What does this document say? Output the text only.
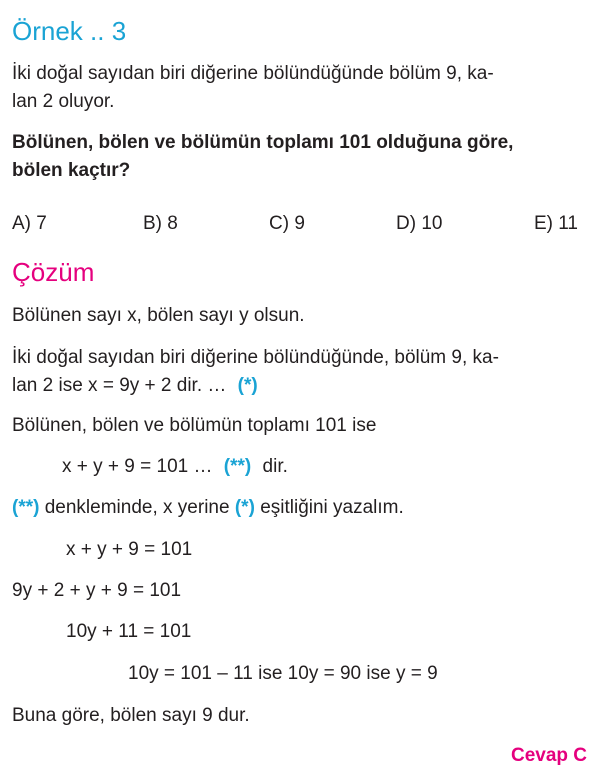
Örnek .. 3
İki doğal sayıdan biri diğerine bölündüğünde bölüm 9, ka-
lan 2 oluyor.
Bölünen, bölen ve bölümün toplamı 101 olduğuna göre,
bölen kaçtır?
A) 7	B) 8	C) 9	D) 10	E) 11
Çözüm
Bölünen sayı x, bölen sayı y olsun.
İki doğal sayıdan biri diğerine bölündüğünde, bölüm 9, ka-
lan 2 ise x = 9y + 2 dir. … (*)
Bölünen, bölen ve bölümün toplamı 101 ise
x + y + 9 = 101 … (**) dir.
(**) denkleminde, x yerine (*) eşitliğini yazalım.
x + y + 9 = 101
9y + 2 + y + 9 = 101
10y + 11 = 101
10y = 101 – 11 ise 10y = 90 ise y = 9
Buna göre, bölen sayı 9 dur.
Cevap C
